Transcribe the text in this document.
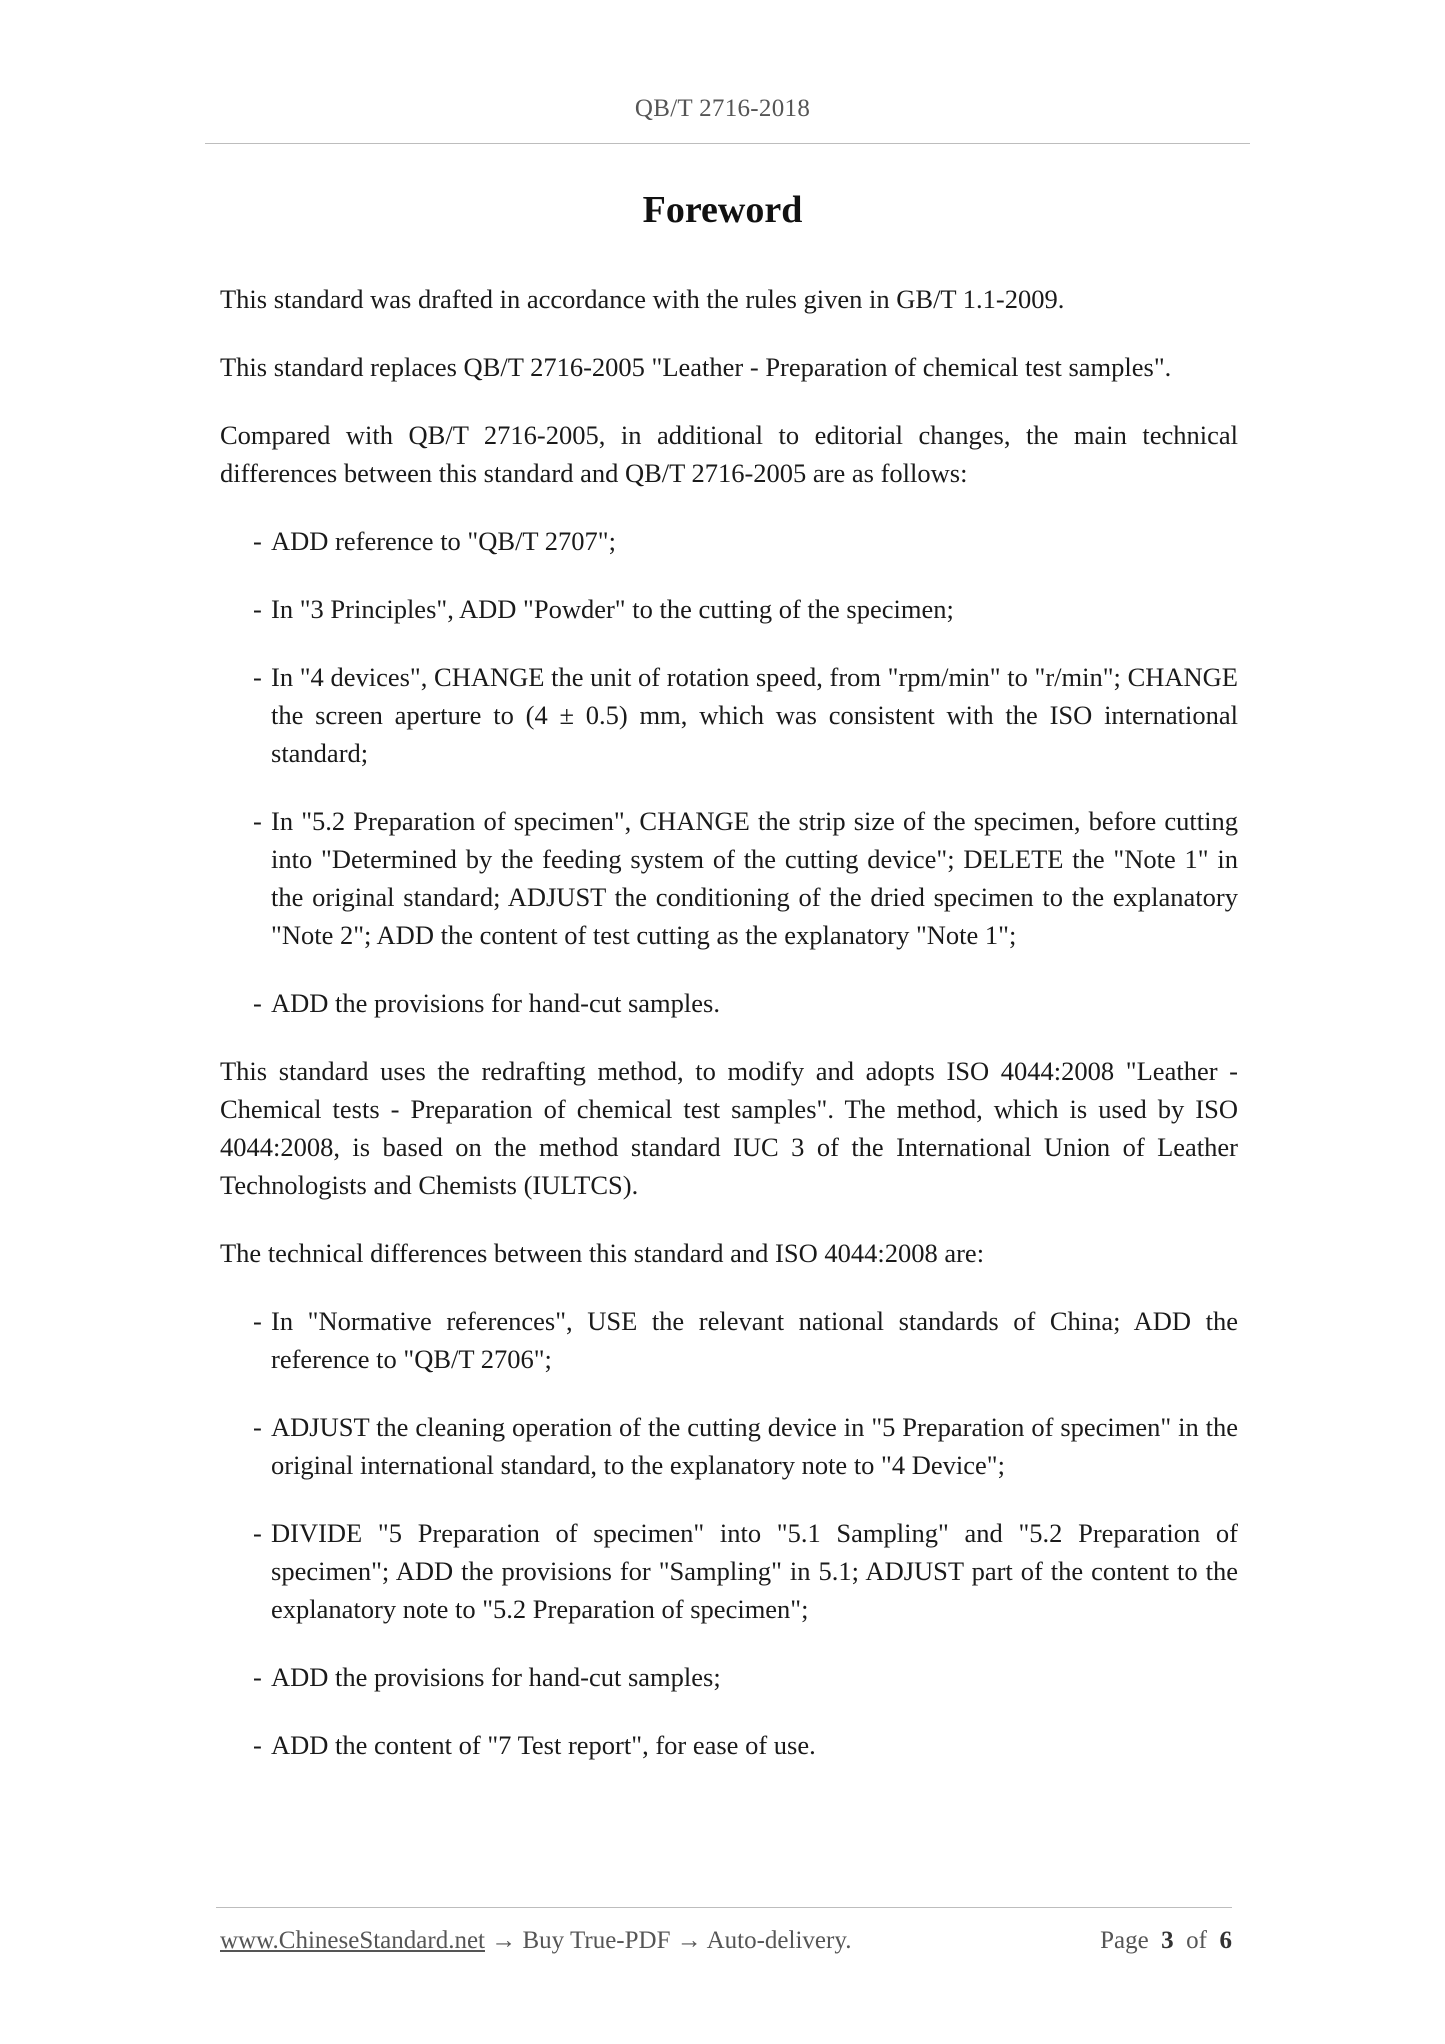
QB/T 2716-2018
Foreword

This standard was drafted in accordance with the rules given in GB/T 1.1-2009.

This standard replaces QB/T 2716-2005 "Leather - Preparation of chemical test samples".

Compared with QB/T 2716-2005, in additional to editorial changes, the main technical differences between this standard and QB/T 2716-2005 are as follows:

- ADD reference to "QB/T 2707";
- In "3 Principles", ADD "Powder" to the cutting of the specimen;
- In "4 devices", CHANGE the unit of rotation speed, from "rpm/min" to "r/min"; CHANGE the screen aperture to (4 ± 0.5) mm, which was consistent with the ISO international standard;
- In "5.2 Preparation of specimen", CHANGE the strip size of the specimen, before cutting into "Determined by the feeding system of the cutting device"; DELETE the "Note 1" in the original standard; ADJUST the conditioning of the dried specimen to the explanatory "Note 2"; ADD the content of test cutting as the explanatory "Note 1";
- ADD the provisions for hand-cut samples.

This standard uses the redrafting method, to modify and adopts ISO 4044:2008 "Leather - Chemical tests - Preparation of chemical test samples". The method, which is used by ISO 4044:2008, is based on the method standard IUC 3 of the International Union of Leather Technologists and Chemists (IULTCS).

The technical differences between this standard and ISO 4044:2008 are:

- In "Normative references", USE the relevant national standards of China; ADD the reference to "QB/T 2706";
- ADJUST the cleaning operation of the cutting device in "5 Preparation of specimen" in the original international standard, to the explanatory note to "4 Device";
- DIVIDE "5 Preparation of specimen" into "5.1 Sampling" and "5.2 Preparation of specimen"; ADD the provisions for "Sampling" in 5.1; ADJUST part of the content to the explanatory note to "5.2 Preparation of specimen";
- ADD the provisions for hand-cut samples;
- ADD the content of "7 Test report", for ease of use.
www.ChineseStandard.net → Buy True-PDF → Auto-delivery.	Page 3 of 6
